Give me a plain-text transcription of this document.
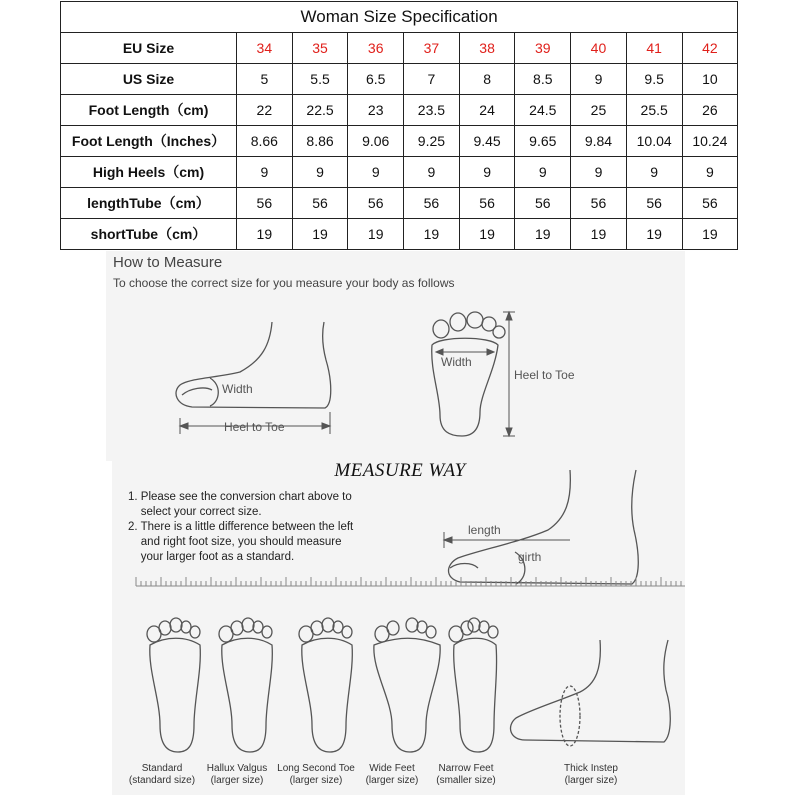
Woman Size Specification									
EU Size	34	35	36	37	38	39	40	41	42
US Size	5	5.5	6.5	7	8	8.5	9	9.5	10
Foot Length（cm)	22	22.5	23	23.5	24	24.5	25	25.5	26
Foot Length（Inches）	8.66	8.86	9.06	9.25	9.45	9.65	9.84	10.04	10.24
High Heels（cm)	9	9	9	9	9	9	9	9	9
lengthTube（cm）	56	56	56	56	56	56	56	56	56
shortTube（cm）	19	19	19	19	19	19	19	19	19
How to Measure
To choose the correct size for you measure your body as follows
MEASURE WAY
1. Please see the conversion chart above to
select your correct size.
2. There is a little difference between the left
and right foot size, you should measure
your larger foot as a standard.
Width
Heel to Toe
Width
Heel to Toe
length
girth
Standard
(standard size)
Hallux Valgus
(larger size)
Long Second Toe
(larger size)
Wide Feet
(larger size)
Narrow Feet
(smaller size)
Thick Instep
(larger size)
